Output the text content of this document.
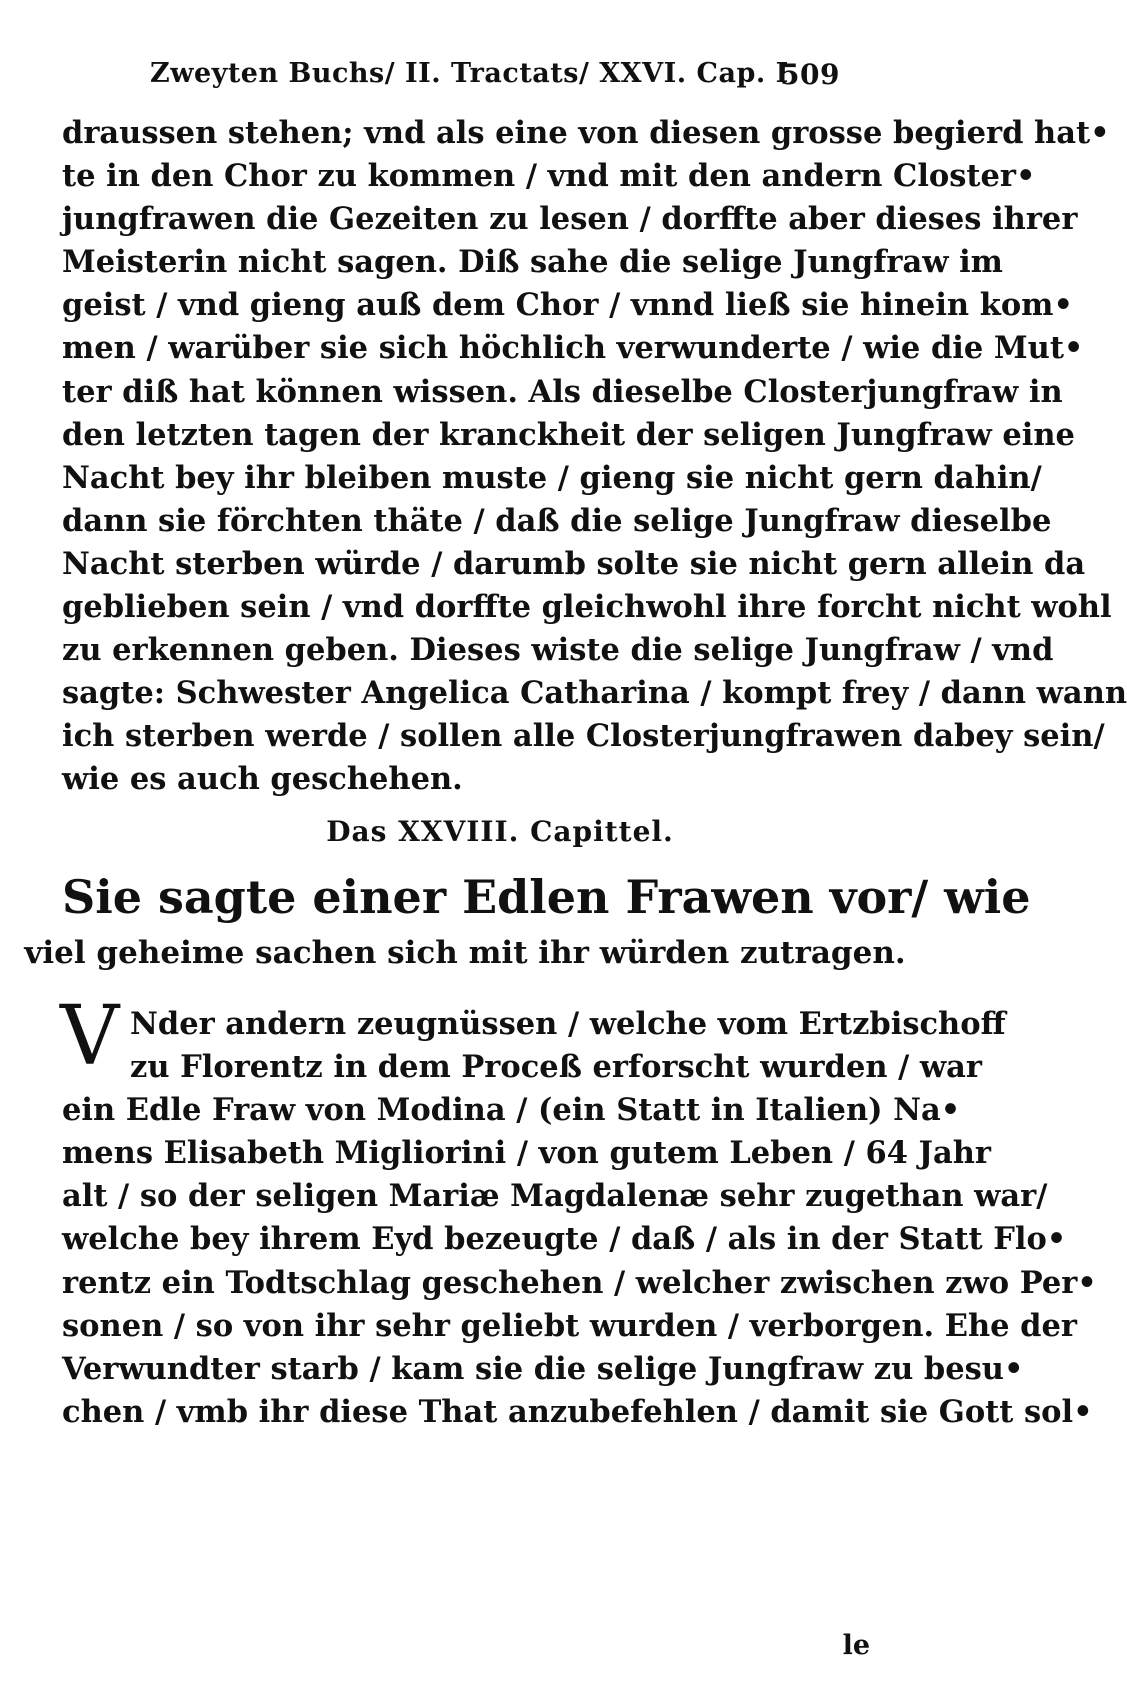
Zweyten Buchs/ II. Tractats/ XXVI. Cap. I
509
draussen stehen; vnd als eine von diesen grosse begierd hat•
te in den Chor zu kommen / vnd mit den andern Closter•
jungfrawen die Gezeiten zu lesen / dorffte aber dieses ihrer
Meisterin nicht sagen. Diß sahe die selige Jungfraw im
geist / vnd gieng auß dem Chor / vnnd ließ sie hinein kom•
men / warüber sie sich höchlich verwunderte / wie die Mut•
ter diß hat können wissen. Als dieselbe Closterjungfraw in
den letzten tagen der kranckheit der seligen Jungfraw eine
Nacht bey ihr bleiben muste / gieng sie nicht gern dahin/
dann sie förchten thäte / daß die selige Jungfraw dieselbe
Nacht sterben würde / darumb solte sie nicht gern allein da
geblieben sein / vnd dorffte gleichwohl ihre forcht nicht wohl
zu erkennen geben. Dieses wiste die selige Jungfraw / vnd
sagte: Schwester Angelica Catharina / kompt frey / dann wann
ich sterben werde / sollen alle Closterjungfrawen dabey sein/
wie es auch geschehen.
Das XXVIII. Capittel.
Sie sagte einer Edlen Frawen vor/ wie
viel geheime sachen sich mit ihr würden zutragen.
V Nder andern zeugnüssen / welche vom Ertzbischoff
zu Florentz in dem Proceß erforscht wurden / war
ein Edle Fraw von Modina / (ein Statt in Italien) Na•
mens Elisabeth Migliorini / von gutem Leben / 64 Jahr
alt / so der seligen Mariæ Magdalenæ sehr zugethan war/
welche bey ihrem Eyd bezeugte / daß / als in der Statt Flo•
rentz ein Todtschlag geschehen / welcher zwischen zwo Per•
sonen / so von ihr sehr geliebt wurden / verborgen. Ehe der
Verwundter starb / kam sie die selige Jungfraw zu besu•
chen / vmb ihr diese That anzubefehlen / damit sie Gott sol•
le
